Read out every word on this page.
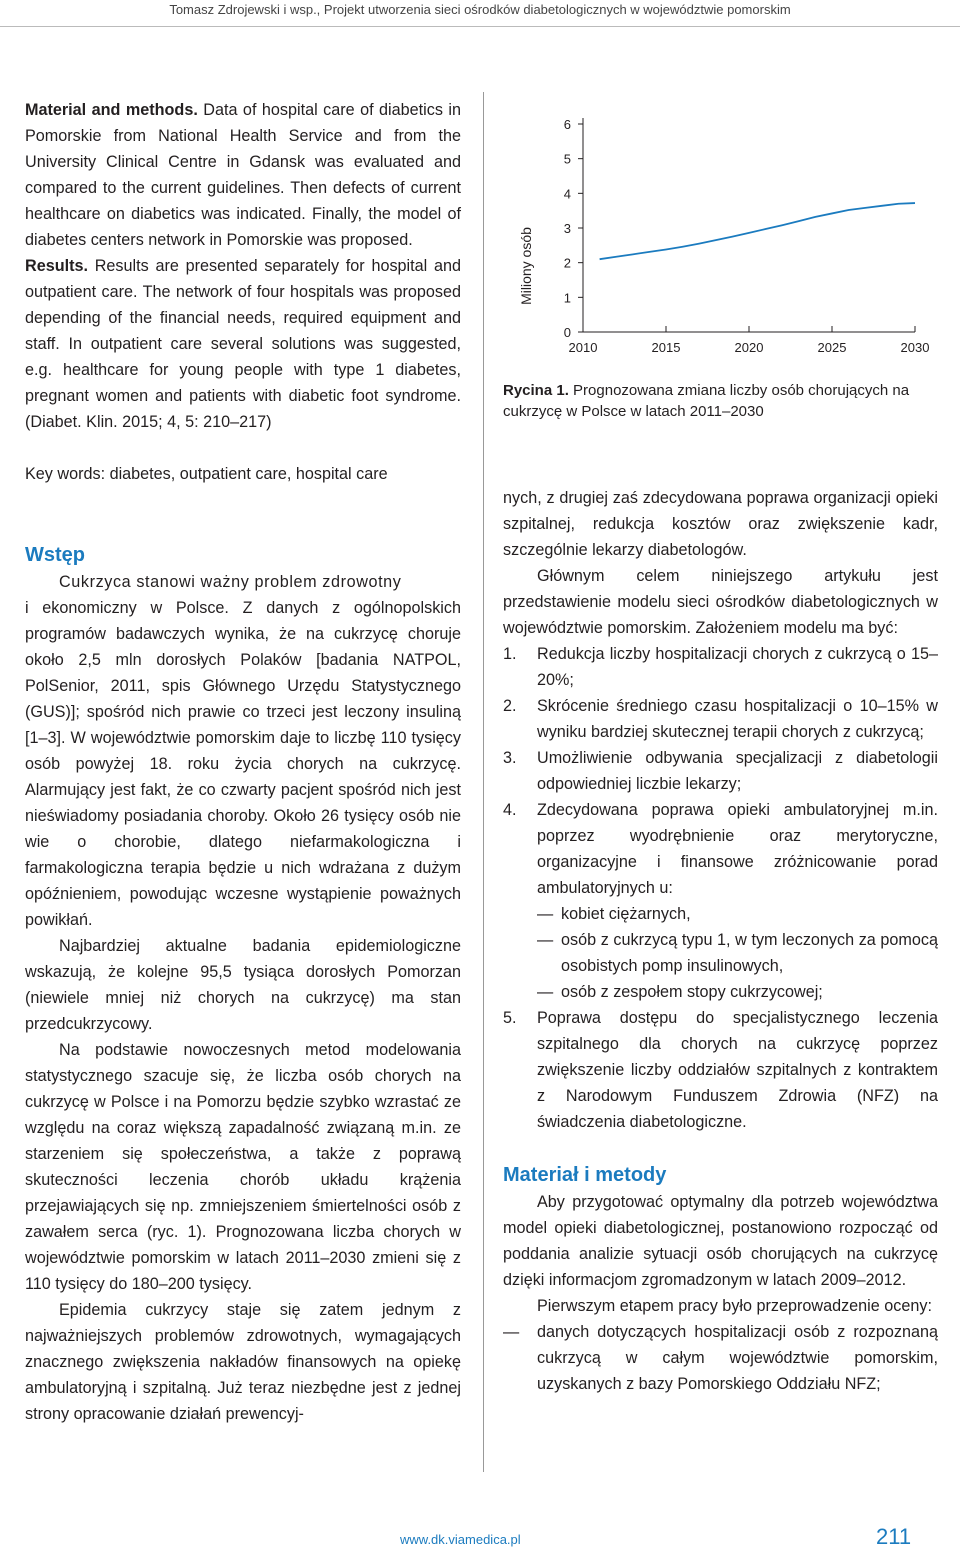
Tomasz Zdrojewski i wsp., Projekt utworzenia sieci ośrodków diabetologicznych w województwie pomorskim

Material and methods. Data of hospital care of diabetics in Pomorskie from National Health Service and from the University Clinical Centre in Gdansk was evaluated and compared to the current guidelines. Then defects of current healthcare on diabetics was indicated. Finally, the model of diabetes centers network in Pomorskie was proposed.

Results. Results are presented separately for hospital and outpatient care. The network of four hospitals was proposed depending of the financial needs, required equipment and staff. In outpatient care several solutions was suggested, e.g. healthcare for young people with type 1 diabetes, pregnant women and patients with diabetic foot syndrome. (Diabet. Klin. 2015; 4, 5: 210–217)

Key words: diabetes, outpatient care, hospital care

Wstęp

Cukrzyca stanowi ważny problem zdrowotny

i ekonomiczny w Polsce. Z danych z ogólnopolskich programów badawczych wynika, że na cukrzycę choruje około 2,5 mln dorosłych Polaków [badania NATPOL, PolSenior, 2011, spis Głównego Urzędu Statystycznego (GUS)]; spośród nich prawie co trzeci jest leczony insuliną [1–3]. W województwie pomorskim daje to liczbę 110 tysięcy osób powyżej 18. roku życia chorych na cukrzycę. Alarmujący jest fakt, że co czwarty pacjent spośród nich jest nieświadomy posiadania choroby. Około 26 tysięcy osób nie wie o chorobie, dlatego niefarmakologiczna i farmakologiczna terapia będzie u nich wdrażana z dużym opóźnieniem, powodując wczesne wystąpienie poważnych powikłań.

Najbardziej aktualne badania epidemiologiczne wskazują, że kolejne 95,5 tysiąca dorosłych Pomorzan (niewiele mniej niż chorych na cukrzycę) ma stan przedcukrzycowy.

Na podstawie nowoczesnych metod modelowania statystycznego szacuje się, że liczba osób chorych na cukrzycę w Polsce i na Pomorzu będzie szybko wzrastać ze względu na coraz większą zapadalność związaną m.in. ze starzeniem się społeczeństwa, a także z poprawą skuteczności leczenia chorób układu krążenia przejawiających się np. zmniejszeniem śmiertelności osób z zawałem serca (ryc. 1). Prognozowana liczba chorych w województwie pomorskim w latach 2011–2030 zmieni się z 110 tysięcy do 180–200 tysięcy.

Epidemia cukrzycy staje się zatem jednym z najważniejszych problemów zdrowotnych, wymagających znacznego zwiększenia nakładów finansowych na opiekę ambulatoryjną i szpitalną. Już teraz niezbędne jest z jednej strony opracowanie działań prewencyj-

Miliony osób
0
1
2
3
4
5
6
2010	2015	2020	2025	2030
Rycina 1. Prognozowana zmiana liczby osób chorujących na cukrzycę w Polsce w latach 2011–2030

nych, z drugiej zaś zdecydowana poprawa organizacji opieki szpitalnej, redukcja kosztów oraz zwiększenie kadr, szczególnie lekarzy diabetologów.

Głównym celem niniejszego artykułu jest przedstawienie modelu sieci ośrodków diabetologicznych w województwie pomorskim. Założeniem modelu ma być:

1. Redukcja liczby hospitalizacji chorych z cukrzycą o 15–20%;
2. Skrócenie średniego czasu hospitalizacji o 10–15% w wyniku bardziej skutecznej terapii chorych z cukrzycą;
3. Umożliwienie odbywania specjalizacji z diabetologii odpowiedniej liczbie lekarzy;
4. Zdecydowana poprawa opieki ambulatoryjnej m.in. poprzez wyodrębnienie oraz merytoryczne, organizacyjne i finansowe zróżnicowanie porad ambulatoryjnych u:
— kobiet ciężarnych,
— osób z cukrzycą typu 1, w tym leczonych za pomocą osobistych pomp insulinowych,
— osób z zespołem stopy cukrzycowej;
5. Poprawa dostępu do specjalistycznego leczenia szpitalnego dla chorych na cukrzycę poprzez zwiększenie liczby oddziałów szpitalnych z kontraktem z Narodowym Funduszem Zdrowia (NFZ) na świadczenia diabetologiczne.
Materiał i metody

Aby przygotować optymalny dla potrzeb województwa model opieki diabetologicznej, postanowiono rozpocząć od poddania analizie sytuacji osób chorujących na cukrzycę dzięki informacjom zgromadzonym w latach 2009–2012.

Pierwszym etapem pracy było przeprowadzenie oceny:

— danych dotyczących hospitalizacji osób z rozpoznaną cukrzycą w całym województwie pomorskim, uzyskanych z bazy Pomorskiego Oddziału NFZ;
www.dk.viamedica.pl	211
